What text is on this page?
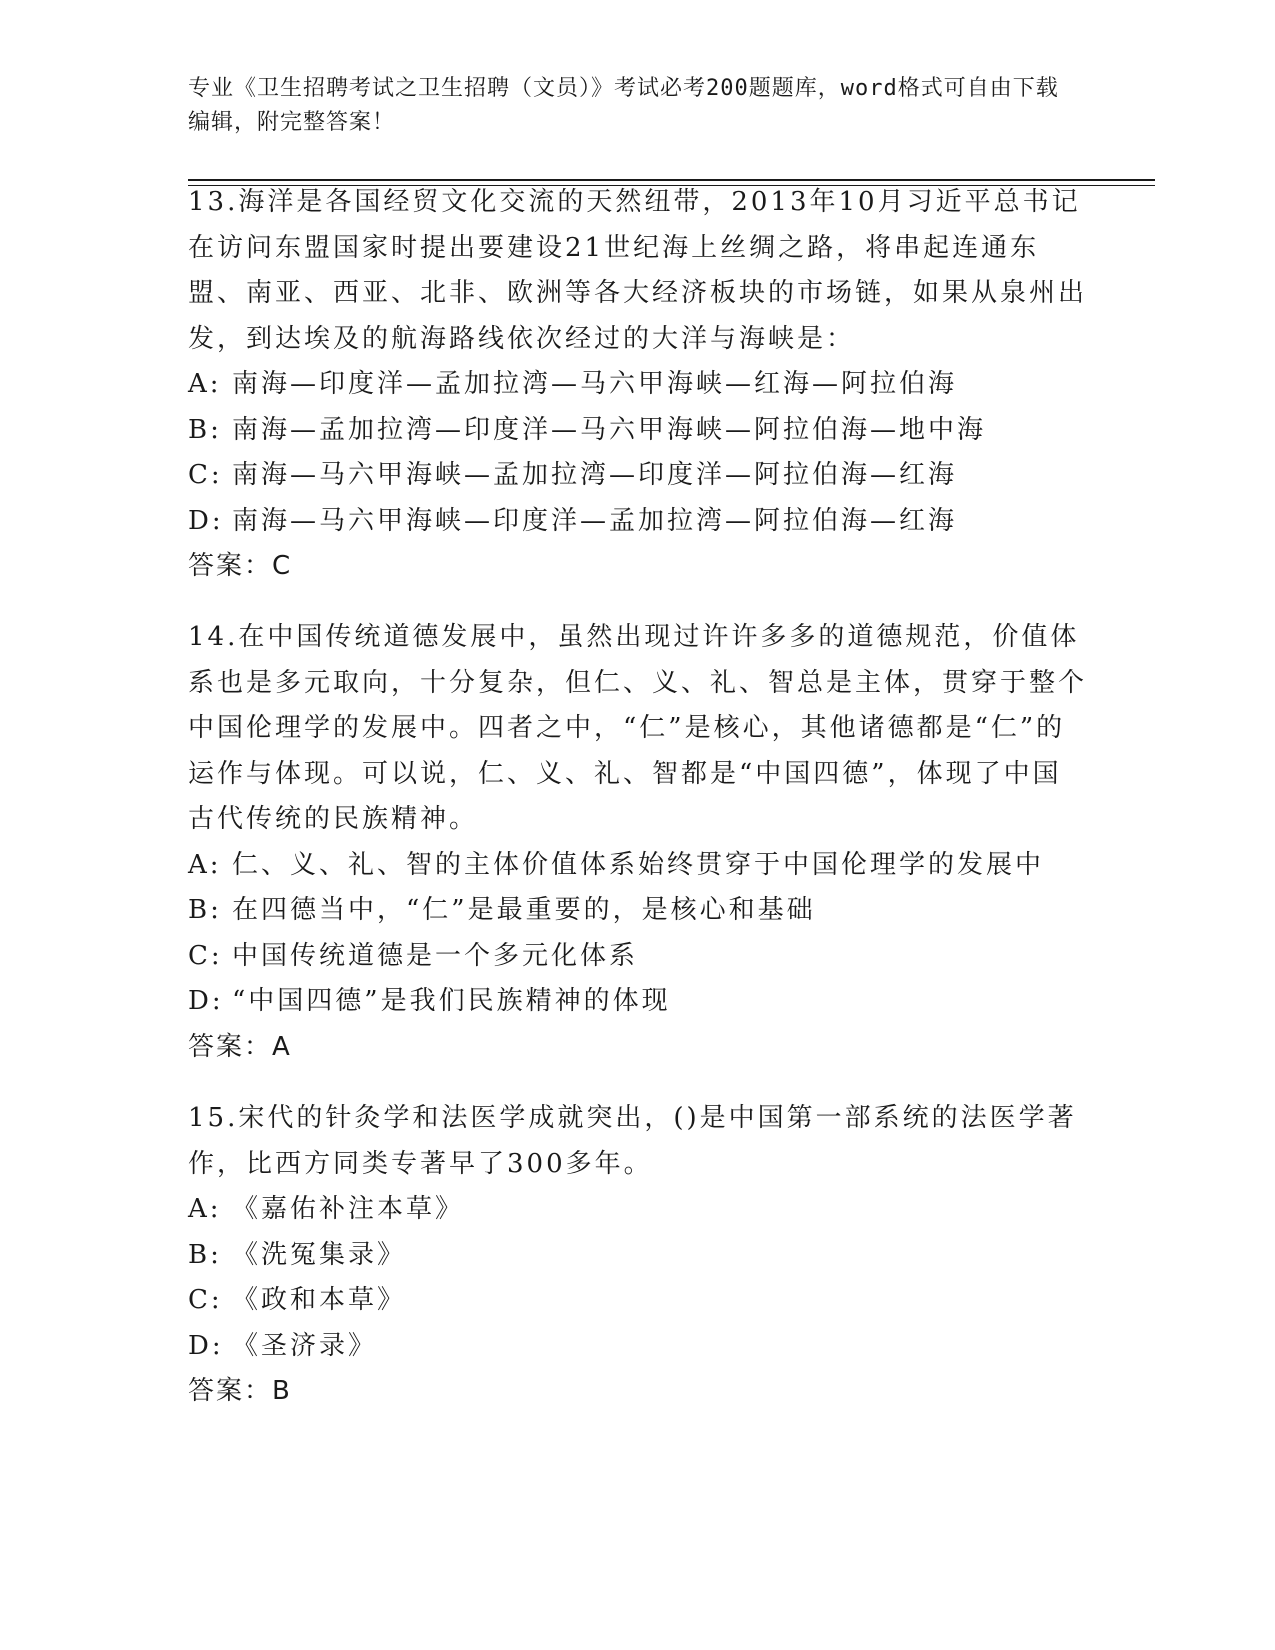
专业《卫生招聘考试之卫生招聘（文员）》考试必考200题题库，word格式可自由下载编辑，附完整答案！

13.海洋是各国经贸文化交流的天然纽带，2013年10月习近平总书记在访问东盟国家时提出要建设21世纪海上丝绸之路，将串起连通东盟、南亚、西亚、北非、欧洲等各大经济板块的市场链，如果从泉州出发，到达埃及的航海路线依次经过的大洋与海峡是：

A: 南海—印度洋—孟加拉湾—马六甲海峡—红海—阿拉伯海

B: 南海—孟加拉湾—印度洋—马六甲海峡—阿拉伯海—地中海

C: 南海—马六甲海峡—孟加拉湾—印度洋—阿拉伯海—红海

D: 南海—马六甲海峡—印度洋—孟加拉湾—阿拉伯海—红海

答案：C

14.在中国传统道德发展中，虽然出现过许许多多的道德规范，价值体系也是多元取向，十分复杂，但仁、义、礼、智总是主体，贯穿于整个中国伦理学的发展中。四者之中，“仁”是核心，其他诸德都是“仁”的运作与体现。可以说，仁、义、礼、智都是“中国四德”，体现了中国古代传统的民族精神。

A: 仁、义、礼、智的主体价值体系始终贯穿于中国伦理学的发展中

B: 在四德当中，“仁”是最重要的，是核心和基础

C: 中国传统道德是一个多元化体系

D: “中国四德”是我们民族精神的体现

答案：A

15.宋代的针灸学和法医学成就突出，()是中国第一部系统的法医学著作，比西方同类专著早了300多年。

A: 《嘉佑补注本草》

B: 《洗冤集录》

C: 《政和本草》

D: 《圣济录》

答案：B
